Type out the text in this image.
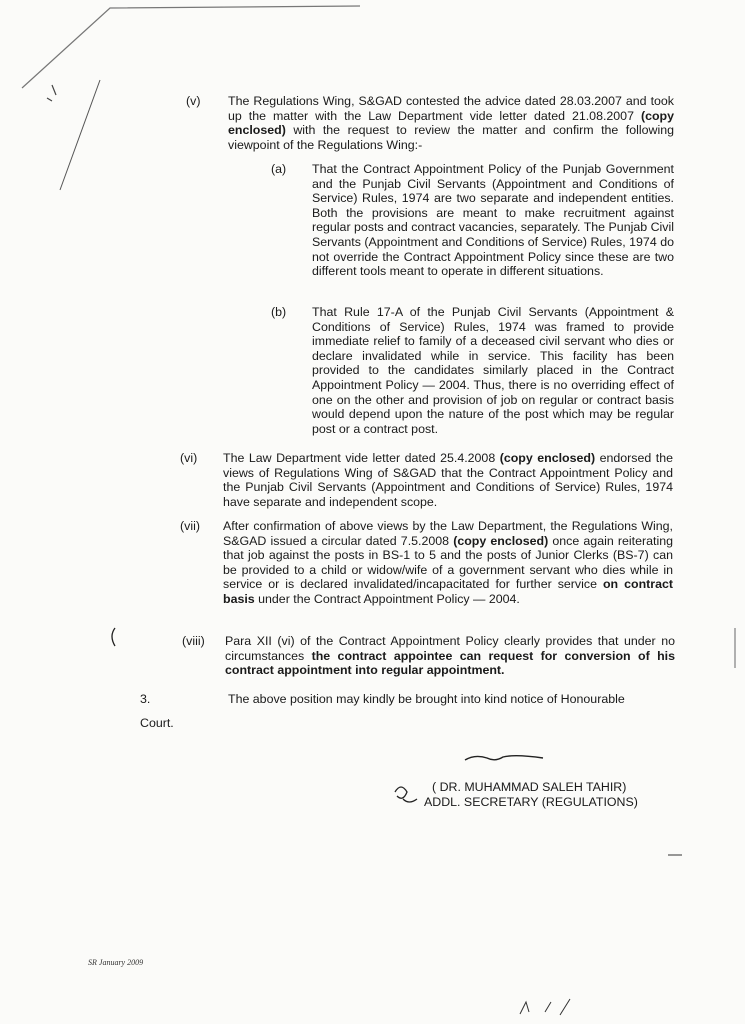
(v) The Regulations Wing, S&GAD contested the advice dated 28.03.2007 and took up the matter with the Law Department vide letter dated 21.08.2007 (copy enclosed) with the request to review the matter and confirm the following viewpoint of the Regulations Wing:-
(a) That the Contract Appointment Policy of the Punjab Government and the Punjab Civil Servants (Appointment and Conditions of Service) Rules, 1974 are two separate and independent entities. Both the provisions are meant to make recruitment against regular posts and contract vacancies, separately. The Punjab Civil Servants (Appointment and Conditions of Service) Rules, 1974 do not override the Contract Appointment Policy since these are two different tools meant to operate in different situations.
(b) That Rule 17-A of the Punjab Civil Servants (Appointment & Conditions of Service) Rules, 1974 was framed to provide immediate relief to family of a deceased civil servant who dies or declare invalidated while in service. This facility has been provided to the candidates similarly placed in the Contract Appointment Policy — 2004. Thus, there is no overriding effect of one on the other and provision of job on regular or contract basis would depend upon the nature of the post which may be regular post or a contract post.
(vi) The Law Department vide letter dated 25.4.2008 (copy enclosed) endorsed the views of Regulations Wing of S&GAD that the Contract Appointment Policy and the Punjab Civil Servants (Appointment and Conditions of Service) Rules, 1974 have separate and independent scope.
(vii) After confirmation of above views by the Law Department, the Regulations Wing, S&GAD issued a circular dated 7.5.2008 (copy enclosed) once again reiterating that job against the posts in BS-1 to 5 and the posts of Junior Clerks (BS-7) can be provided to a child or widow/wife of a government servant who dies while in service or is declared invalidated/incapacitated for further service on contract basis under the Contract Appointment Policy — 2004.
(viii) Para XII (vi) of the Contract Appointment Policy clearly provides that under no circumstances the contract appointee can request for conversion of his contract appointment into regular appointment.
3.	The above position may kindly be brought into kind notice of Honourable
Court.
( DR. MUHAMMAD SALEH TAHIR)
ADDL. SECRETARY (REGULATIONS)
SR January 2009
